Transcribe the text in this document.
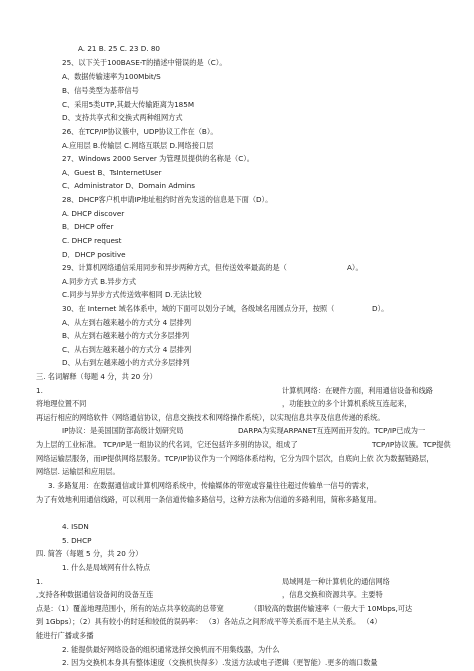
A. 21 B. 25 C. 23 D. 80
25、以下关于100BASE-T的描述中错误的是（C）。
A、数据传输速率为100Mbit/S
B、信号类型为基带信号
C、采用5类UTP,其最大传输距离为185M
D、支持共享式和交换式两种组网方式
26、在TCP/IP协议簇中，UDP协议工作在（B）。
A.应用层 B.传输层 C.网络互联层 D.网络接口层
27、Windows 2000 Server 为管理员提供的名称是（C）。
A、Guest B、TsInternetUser
C、Administrator D、Domain Admins
28、DHCP客户机申请IP地址租约时首先发送的信息是下面（D）。
A. DHCP discover
B．DHCP offer
C. DHCP request
D．DHCP positive
29、计算机网络通信采用同步和异步两种方式，但传送效率最高的是（	A）。
A.同步方式 B.异步方式
C.同步与异步方式传送效率相同 D.无法比较
30、在 Internet 域名体系中，域的下面可以划分子域，各级域名用圆点分开，按照（	D）。
A、从左到右越来越小的方式分 4 层排列
B、从左到右越来越小的方式分多层排列
C、从右到左越来越小的方式分 4 层排列
D、从右到左越来越小的方式分多层排列
三. 名词解释（每题 4 分，共 20 分）
1.	计算机网络：在硬件方面，利用通信设备和线路
将地理位置不同	，功能独立的多个计算机系统互连起来，
再运行相应的网络软件（网络通信协议，信息交换技术和网络操作系统），以实现信息共享及信息传递的系统。
IP协议：是美国国防部高级计划研究局	DARPA为实现ARPANET互连网而开发的。TCP/IP已成为一
为上层的工业标准。 TCP/IP是一组协议的代名词，它还包括许多别的协议，组成了	TCP/IP协议簇。TCP提供
网络运输层服务，而IP提供网络层服务。TCP/IP协议作为一个网络体系结构，它分为四个层次，自底向上依 次为数据链路层，
网络层. 运输层和应用层。
3. 多路复用：在数据通信或计算机网络系统中，传输媒体的带宽或容量往往超过传输单一信号的需求，
为了有效地利用通信线路，可以利用一条信道传输多路信号，这种方法称为信道的多路利用，简称多路复用。
4. ISDN
5. DHCP
四. 简答（每题 5 分，共 20 分）
1. 什么是局域网有什么特点
1.	局域网是一种计算机化的通信网络
,支持各种数据通信设备间的设备互连	，信息交换和资源共享。主要特
点是：（1）覆盖地理范围小，所有的站点共享较高的总带宽	（即较高的数据传输速率（一般大于 10Mbps,可达
到 1Gbps）；（2）具有较小的时延和较低的误码率： （3）各站点之间形成平等关系而不是主从关系。 （4）
能进行广播或多播
2. 能提供最好网络设备的组织通常选择交换机而不用集线器，为什么
2. 因为交换机本身具有整体速度（交换机快得多）.发送方法或电子逻辑（更智能）.更多的端口数量
